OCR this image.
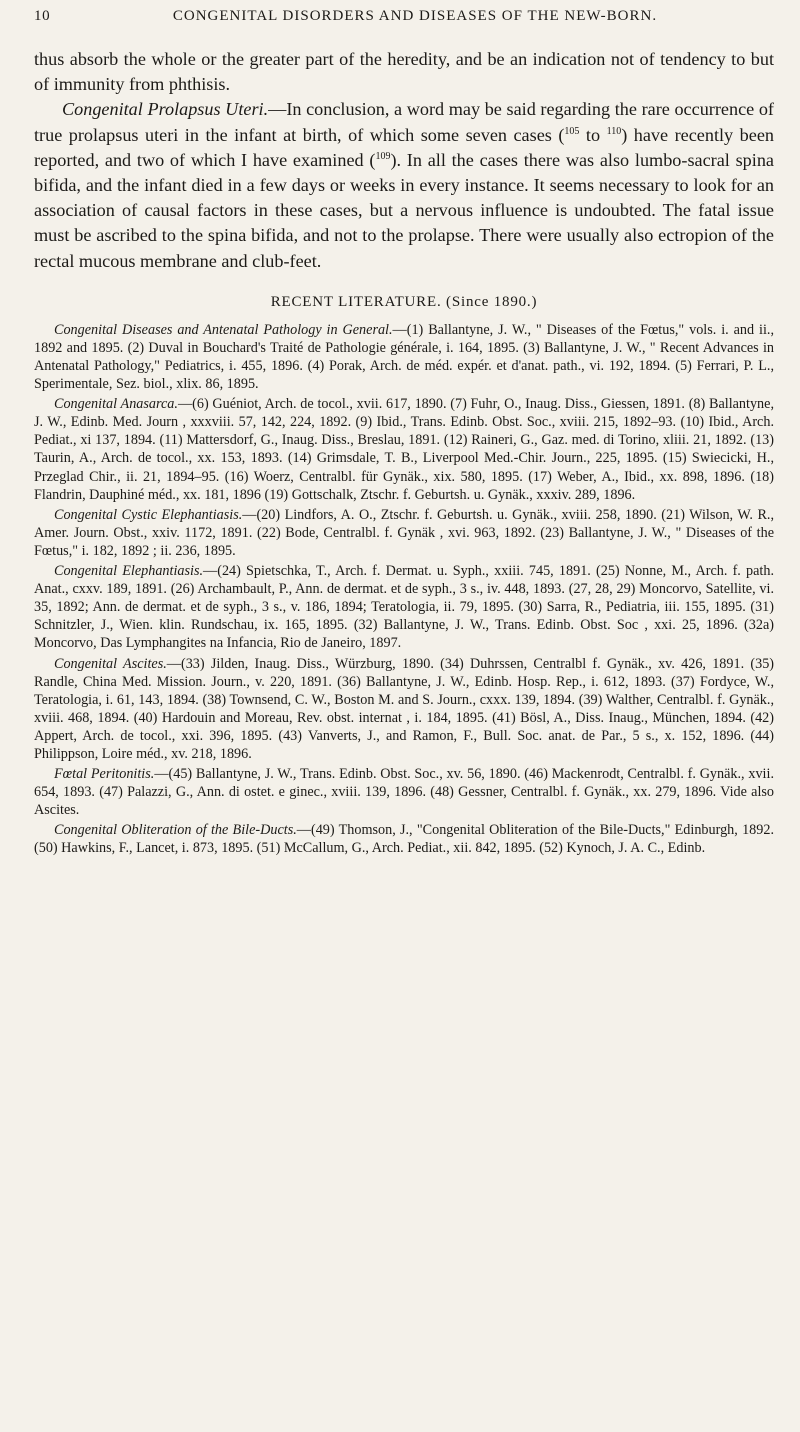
10	CONGENITAL DISORDERS AND DISEASES OF THE NEW-BORN.

thus absorb the whole or the greater part of the heredity, and be an indication not of tendency to but of immunity from phthisis.

Congenital Prolapsus Uteri.—In conclusion, a word may be said regarding the rare occurrence of true prolapsus uteri in the infant at birth, of which some seven cases ($^{105}$ to $^{110}$) have recently been reported, and two of which I have examined ($^{109}$). In all the cases there was also lumbo-sacral spina bifida, and the infant died in a few days or weeks in every instance. It seems necessary to look for an association of causal factors in these cases, but a nervous influence is undoubted. The fatal issue must be ascribed to the spina bifida, and not to the prolapse. There were usually also ectropion of the rectal mucous membrane and club-feet.

RECENT LITERATURE. (Since 1890.)

Congenital Diseases and Antenatal Pathology in General.—(1) Ballantyne, J. W., " Diseases of the Fœtus," vols. i. and ii., 1892 and 1895. (2) Duval in Bouchard's Traité de Pathologie générale, i. 164, 1895. (3) Ballantyne, J. W., " Recent Advances in Antenatal Pathology," Pediatrics, i. 455, 1896. (4) Porak, Arch. de méd. expér. et d'anat. path., vi. 192, 1894. (5) Ferrari, P. L., Sperimentale, Sez. biol., xlix. 86, 1895.

Congenital Anasarca.—(6) Guéniot, Arch. de tocol., xvii. 617, 1890. (7) Fuhr, O., Inaug. Diss., Giessen, 1891. (8) Ballantyne, J. W., Edinb. Med. Journ , xxxviii. 57, 142, 224, 1892. (9) Ibid., Trans. Edinb. Obst. Soc., xviii. 215, 1892–93. (10) Ibid., Arch. Pediat., xi 137, 1894. (11) Mattersdorf, G., Inaug. Diss., Breslau, 1891. (12) Raineri, G., Gaz. med. di Torino, xliii. 21, 1892. (13) Taurin, A., Arch. de tocol., xx. 153, 1893. (14) Grimsdale, T. B., Liverpool Med.-Chir. Journ., 225, 1895. (15) Swiecicki, H., Przeglad Chir., ii. 21, 1894–95. (16) Woerz, Centralbl. für Gynäk., xix. 580, 1895. (17) Weber, A., Ibid., xx. 898, 1896. (18) Flandrin, Dauphiné méd., xx. 181, 1896 (19) Gottschalk, Ztschr. f. Geburtsh. u. Gynäk., xxxiv. 289, 1896.

Congenital Cystic Elephantiasis.—(20) Lindfors, A. O., Ztschr. f. Geburtsh. u. Gynäk., xviii. 258, 1890. (21) Wilson, W. R., Amer. Journ. Obst., xxiv. 1172, 1891. (22) Bode, Centralbl. f. Gynäk , xvi. 963, 1892. (23) Ballantyne, J. W., " Diseases of the Fœtus," i. 182, 1892 ; ii. 236, 1895.

Congenital Elephantiasis.—(24) Spietschka, T., Arch. f. Dermat. u. Syph., xxiii. 745, 1891. (25) Nonne, M., Arch. f. path. Anat., cxxv. 189, 1891. (26) Archambault, P., Ann. de dermat. et de syph., 3 s., iv. 448, 1893. (27, 28, 29) Moncorvo, Satellite, vi. 35, 1892; Ann. de dermat. et de syph., 3 s., v. 186, 1894; Teratologia, ii. 79, 1895. (30) Sarra, R., Pediatria, iii. 155, 1895. (31) Schnitzler, J., Wien. klin. Rundschau, ix. 165, 1895. (32) Ballantyne, J. W., Trans. Edinb. Obst. Soc , xxi. 25, 1896. (32a) Moncorvo, Das Lymphangites na Infancia, Rio de Janeiro, 1897.

Congenital Ascites.—(33) Jilden, Inaug. Diss., Würzburg, 1890. (34) Duhrssen, Centralbl f. Gynäk., xv. 426, 1891. (35) Randle, China Med. Mission. Journ., v. 220, 1891. (36) Ballantyne, J. W., Edinb. Hosp. Rep., i. 612, 1893. (37) Fordyce, W., Teratologia, i. 61, 143, 1894. (38) Townsend, C. W., Boston M. and S. Journ., cxxx. 139, 1894. (39) Walther, Centralbl. f. Gynäk., xviii. 468, 1894. (40) Hardouin and Moreau, Rev. obst. internat , i. 184, 1895. (41) Bösl, A., Diss. Inaug., München, 1894. (42) Appert, Arch. de tocol., xxi. 396, 1895. (43) Vanverts, J., and Ramon, F., Bull. Soc. anat. de Par., 5 s., x. 152, 1896. (44) Philippson, Loire méd., xv. 218, 1896.

Fœtal Peritonitis.—(45) Ballantyne, J. W., Trans. Edinb. Obst. Soc., xv. 56, 1890. (46) Mackenrodt, Centralbl. f. Gynäk., xvii. 654, 1893. (47) Palazzi, G., Ann. di ostet. e ginec., xviii. 139, 1896. (48) Gessner, Centralbl. f. Gynäk., xx. 279, 1896. Vide also Ascites.

Congenital Obliteration of the Bile-Ducts.—(49) Thomson, J., "Congenital Obliteration of the Bile-Ducts," Edinburgh, 1892. (50) Hawkins, F., Lancet, i. 873, 1895. (51) McCallum, G., Arch. Pediat., xii. 842, 1895. (52) Kynoch, J. A. C., Edinb.
